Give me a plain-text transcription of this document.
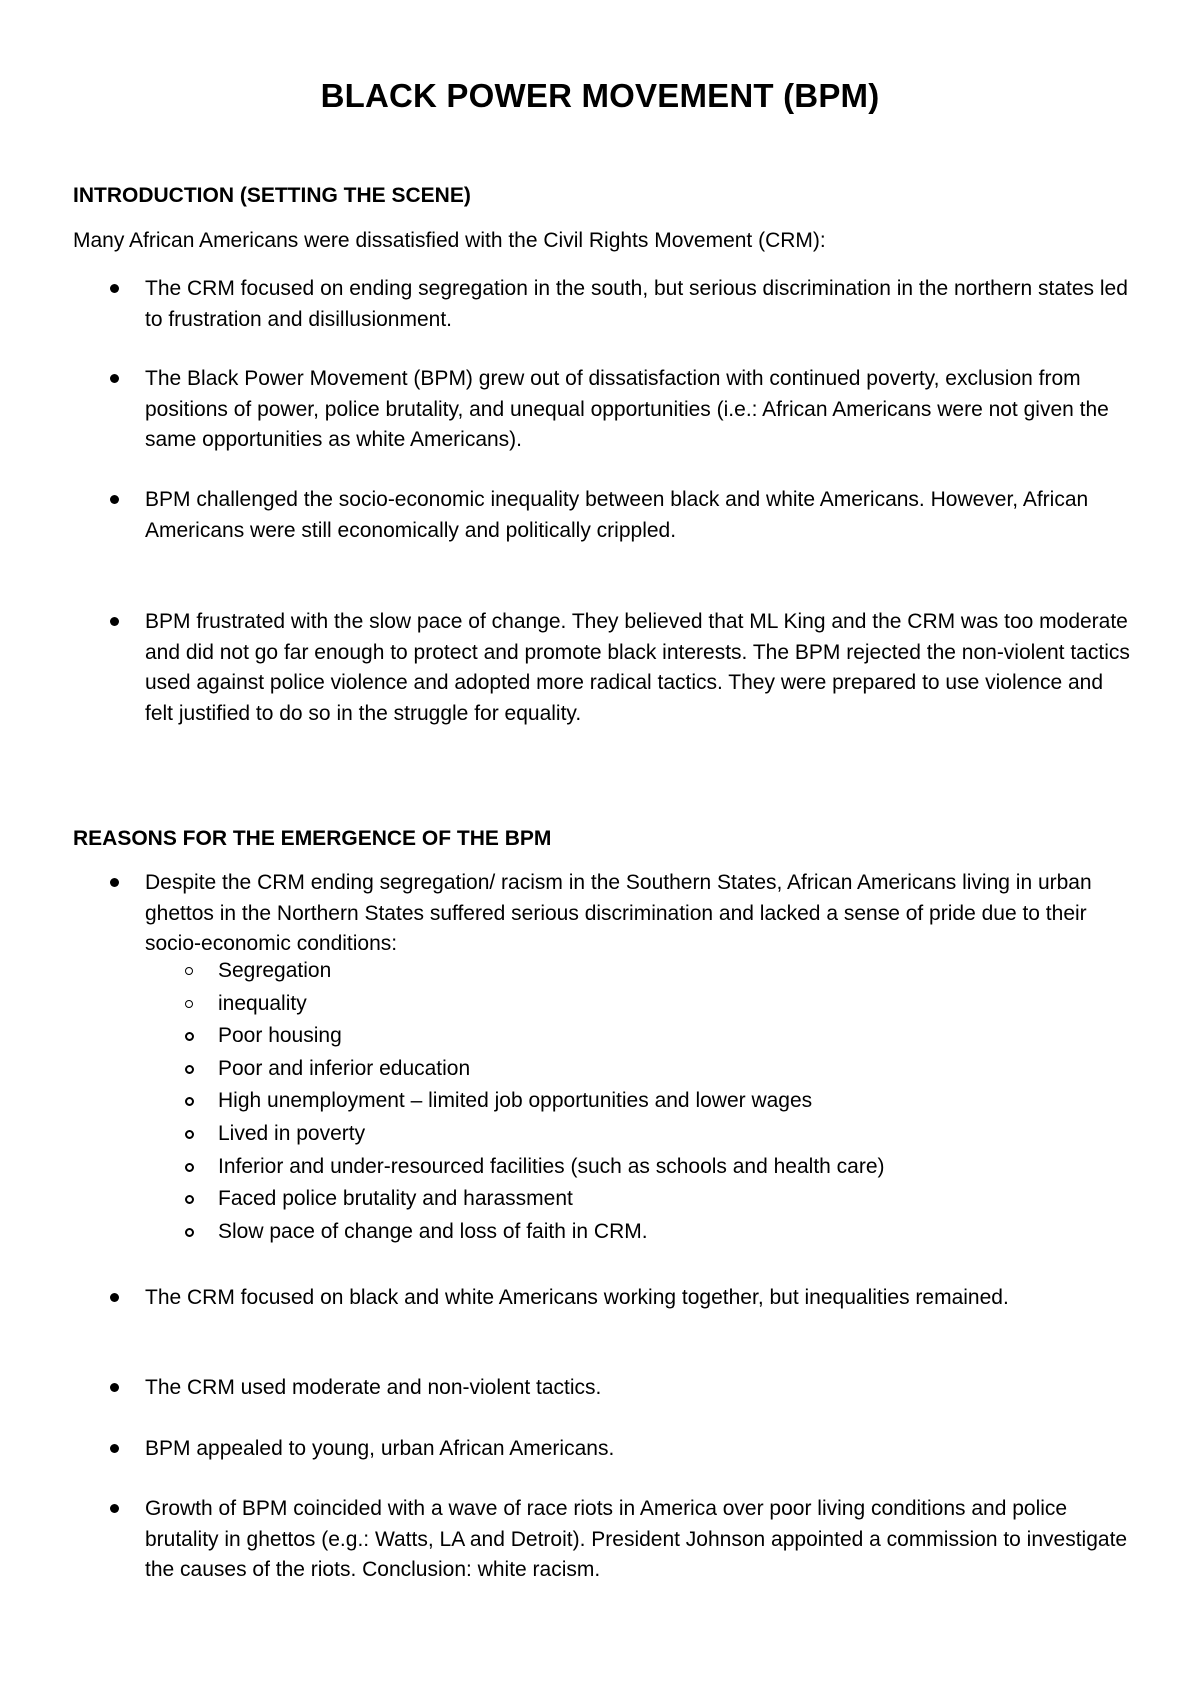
BLACK POWER MOVEMENT (BPM)
INTRODUCTION (SETTING THE SCENE)
Many African Americans were dissatisfied with the Civil Rights Movement (CRM):
The CRM focused on ending segregation in the south, but serious discrimination in the northern states led to frustration and disillusionment.
The Black Power Movement (BPM) grew out of dissatisfaction with continued poverty, exclusion from positions of power, police brutality, and unequal opportunities (i.e.: African Americans were not given the same opportunities as white Americans).
BPM challenged the socio-economic inequality between black and white Americans. However, African Americans were still economically and politically crippled.
BPM frustrated with the slow pace of change. They believed that ML King and the CRM was too moderate and did not go far enough to protect and promote black interests. The BPM rejected the non-violent tactics used against police violence and adopted more radical tactics. They were prepared to use violence and felt justified to do so in the struggle for equality.
REASONS FOR THE EMERGENCE OF THE BPM
Despite the CRM ending segregation/ racism in the Southern States, African Americans living in urban ghettos in the Northern States suffered serious discrimination and lacked a sense of pride due to their socio-economic conditions:
Segregation
inequality
Poor housing
Poor and inferior education
High unemployment – limited job opportunities and lower wages
Lived in poverty
Inferior and under-resourced facilities (such as schools and health care)
Faced police brutality and harassment
Slow pace of change and loss of faith in CRM.
The CRM focused on black and white Americans working together, but inequalities remained.
The CRM used moderate and non-violent tactics.
BPM appealed to young, urban African Americans.
Growth of BPM coincided with a wave of race riots in America over poor living conditions and police brutality in ghettos (e.g.: Watts, LA and Detroit). President Johnson appointed a commission to investigate the causes of the riots. Conclusion: white racism.
